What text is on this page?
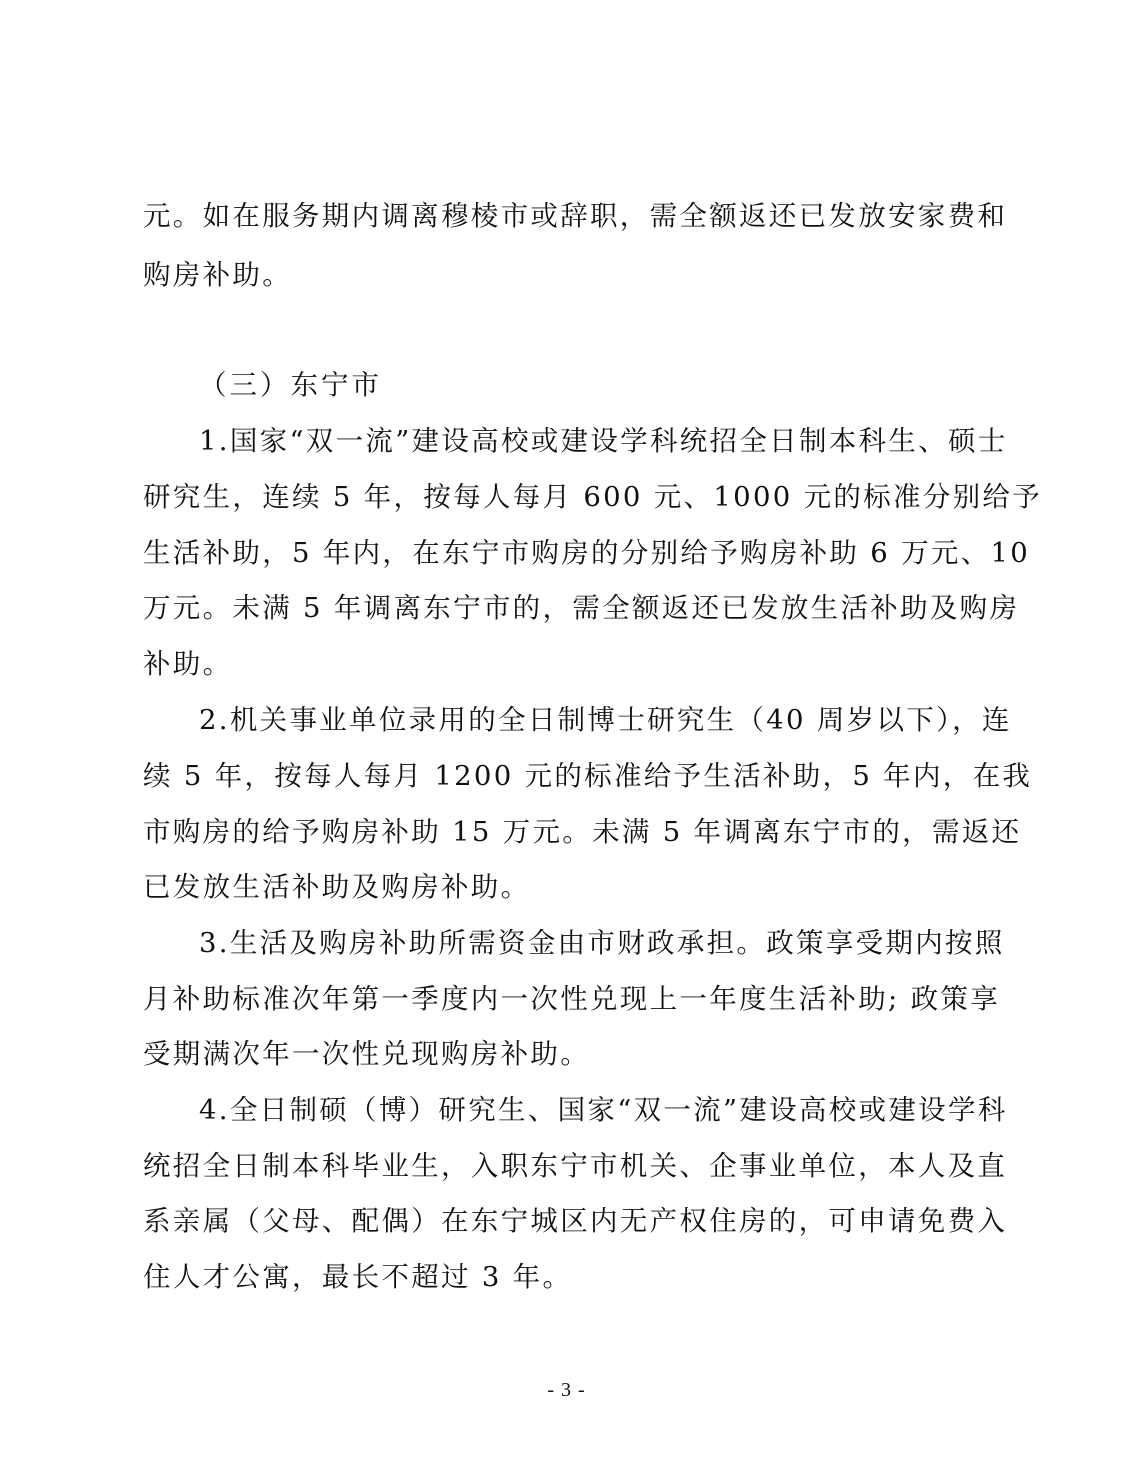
元。如在服务期内调离穆棱市或辞职，需全额返还已发放安家费和
购房补助。
（三）东宁市
1.国家“双一流”建设高校或建设学科统招全日制本科生、硕士
研究生，连续 5 年，按每人每月 600 元、1000 元的标准分别给予
生活补助，5 年内，在东宁市购房的分别给予购房补助 6 万元、10
万元。未满 5 年调离东宁市的，需全额返还已发放生活补助及购房
补助。
2.机关事业单位录用的全日制博士研究生（40 周岁以下），连
续 5 年，按每人每月 1200 元的标准给予生活补助，5 年内，在我
市购房的给予购房补助 15 万元。未满 5 年调离东宁市的，需返还
已发放生活补助及购房补助。
3.生活及购房补助所需资金由市财政承担。政策享受期内按照
月补助标准次年第一季度内一次性兑现上一年度生活补助; 政策享
受期满次年一次性兑现购房补助。
4.全日制硕（博）研究生、国家“双一流”建设高校或建设学科
统招全日制本科毕业生，入职东宁市机关、企事业单位，本人及直
系亲属（父母、配偶）在东宁城区内无产权住房的，可申请免费入
住人才公寓，最长不超过 3 年。
- 3 -
